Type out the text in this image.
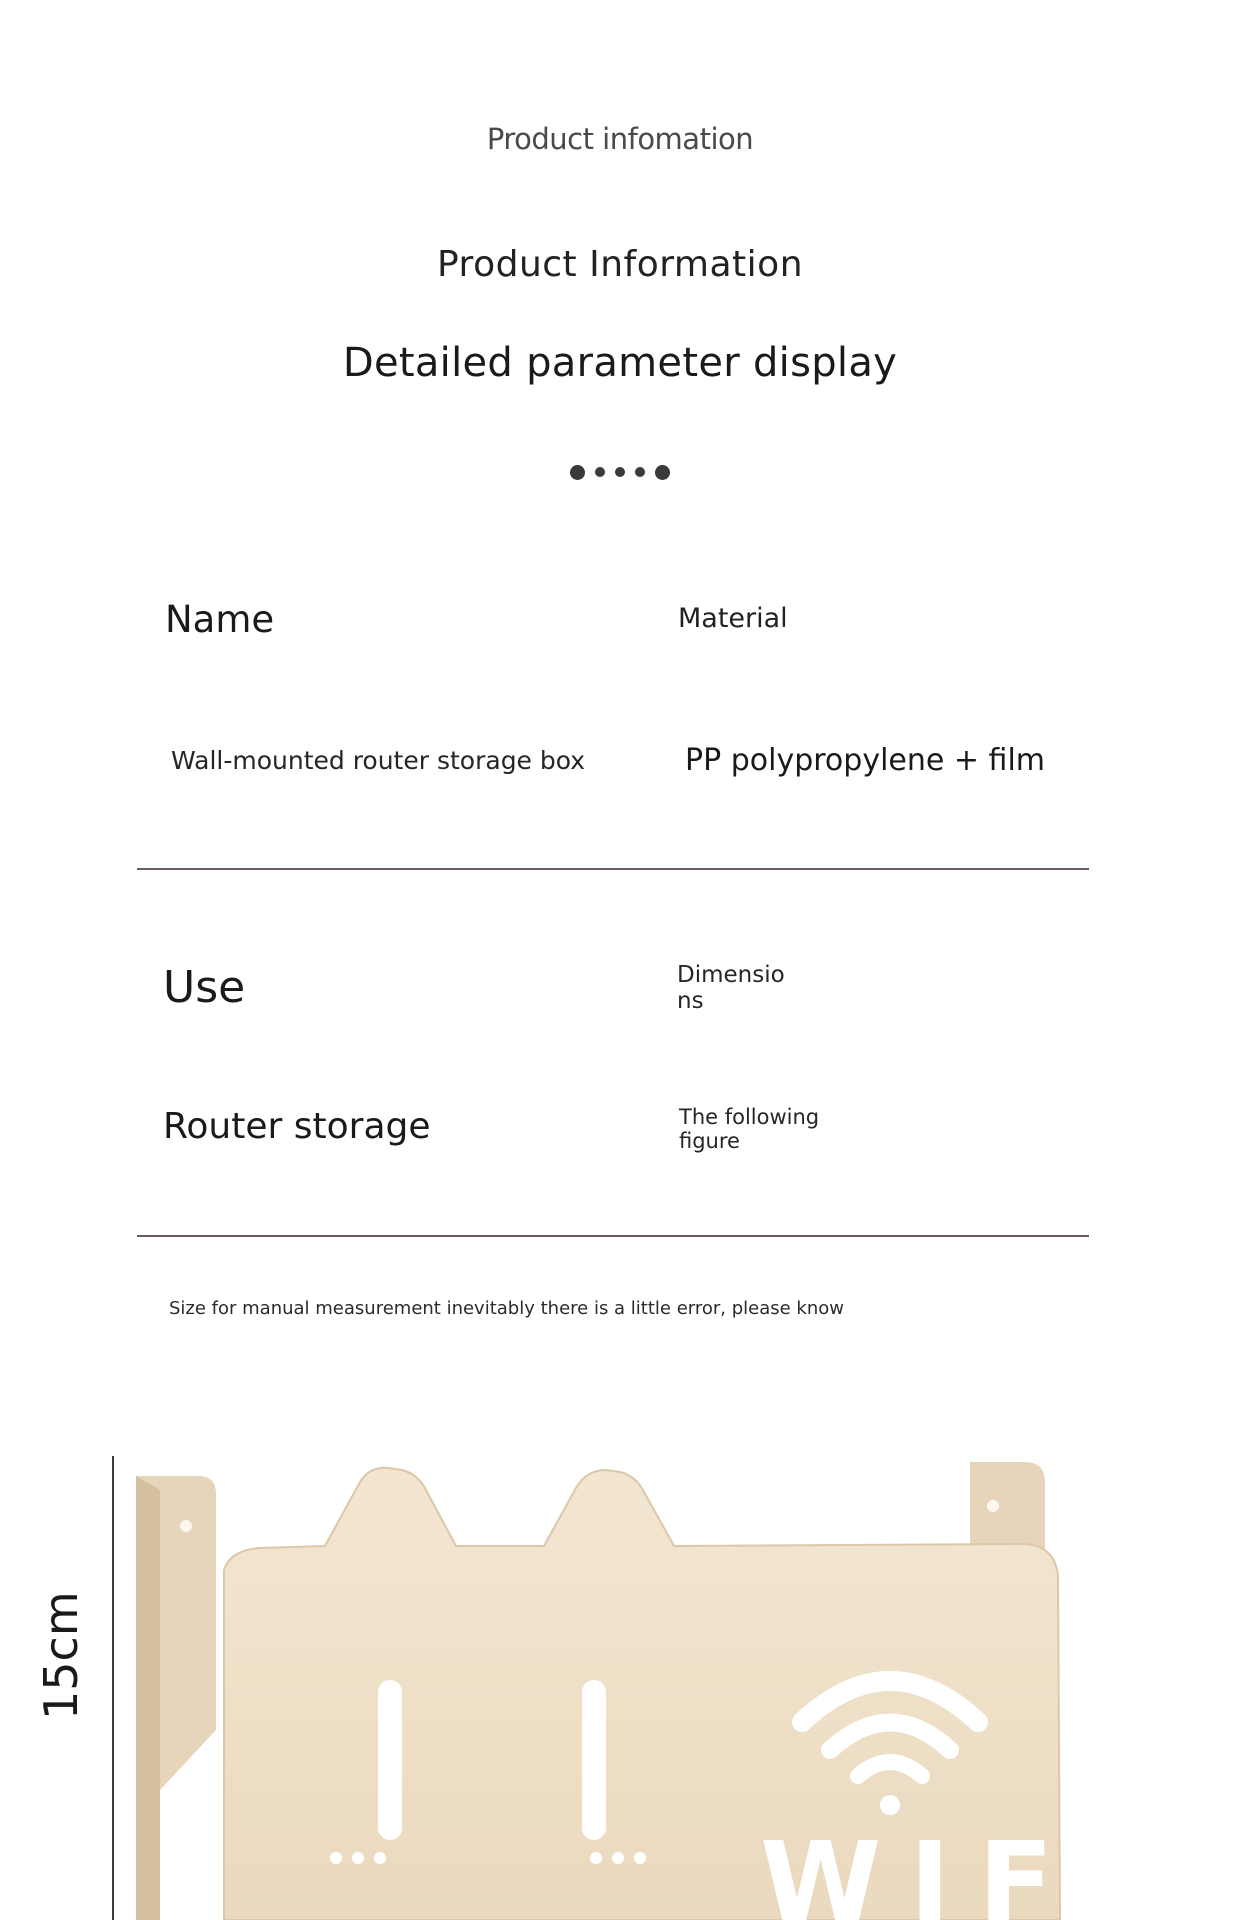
Product infomation
Product Information
Detailed parameter display
Name	Material
Wall-mounted router storage box	PP polypropylene + film
Use	Dimensio
ns
Router storage	The following
figure
Size for manual measurement inevitably there is a little error, please know
15cm
WIFI
